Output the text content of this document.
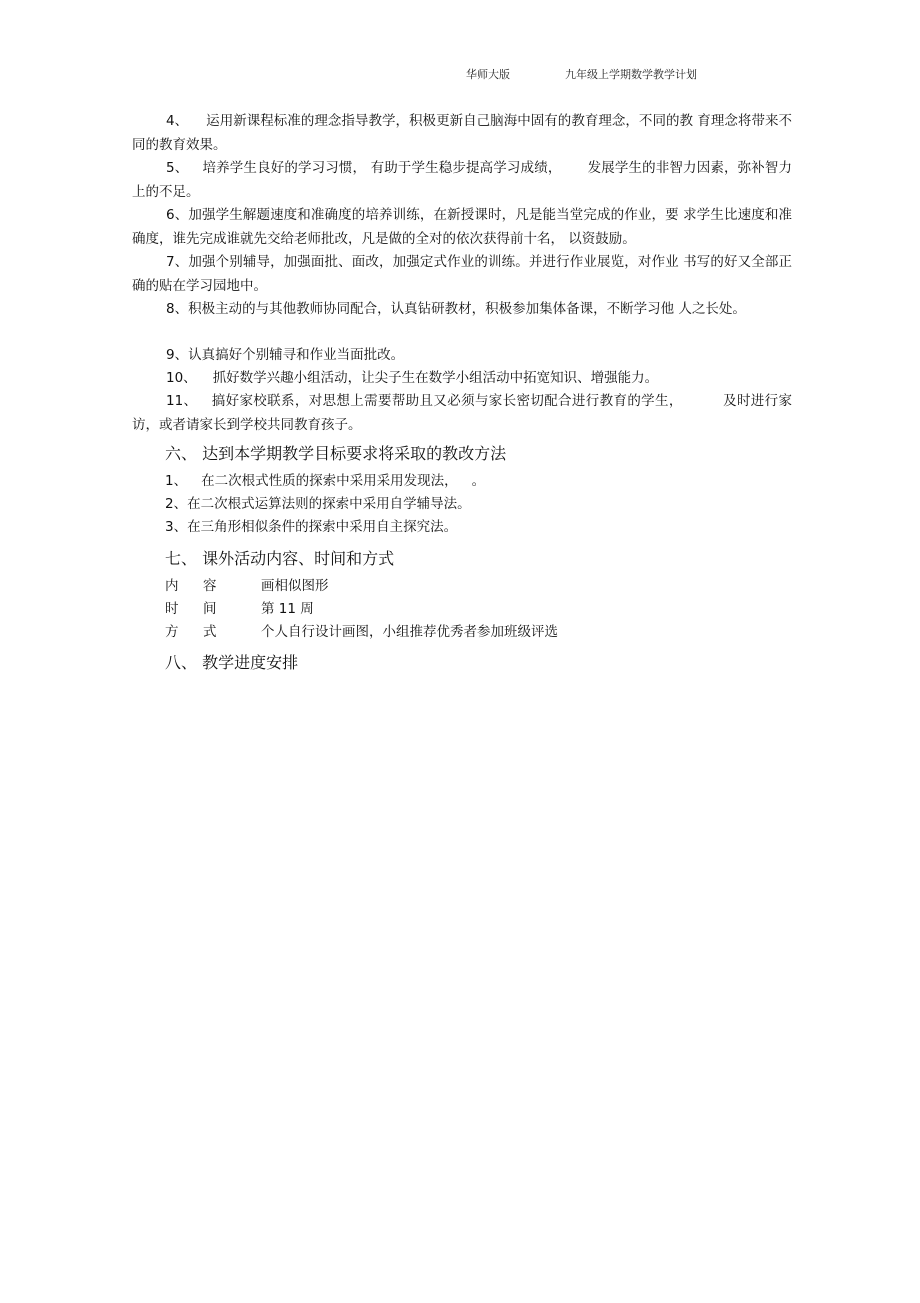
华师大版	九年级上学期数学教学计划
4、 运用新课程标准的理念指导教学，积极更新自己脑海中固有的教育理念，不同的教 育理念将带来不同的教育效果。
5、 培养学生良好的学习习惯， 有助于学生稳步提高学习成绩， 发展学生的非智力因素，弥补智力上的不足。
6、加强学生解题速度和准确度的培养训练，在新授课时，凡是能当堂完成的作业，要 求学生比速度和准确度，谁先完成谁就先交给老师批改，凡是做的全对的依次获得前十名， 以资鼓励。
7、加强个别辅导，加强面批、面改，加强定式作业的训练。并进行作业展览，对作业 书写的好又全部正确的贴在学习园地中。
8、积极主动的与其他教师协同配合，认真钻研教材，积极参加集体备课，不断学习他 人之长处。
9、认真搞好个别辅寻和作业当面批改。
10、 抓好数学兴趣小组活动，让尖子生在数学小组活动中拓宽知识、增强能力。
11、 搞好家校联系，对思想上需要帮助且又必须与家长密切配合进行教育的学生，	及时进行家访，或者请家长到学校共同教育孩子。
六、 达到本学期教学目标要求将采取的教改方法
1、 在二次根式性质的探索中采用采用发现法， 。
2、在二次根式运算法则的探索中采用自学辅导法。
3、在三角形相似条件的探索中采用自主探究法。
七、 课外活动内容、时间和方式
内 容	画相似图形
时 间	第 11 周
方 式	个人自行设计画图，小组推荐优秀者参加班级评选
八、 教学进度安排
